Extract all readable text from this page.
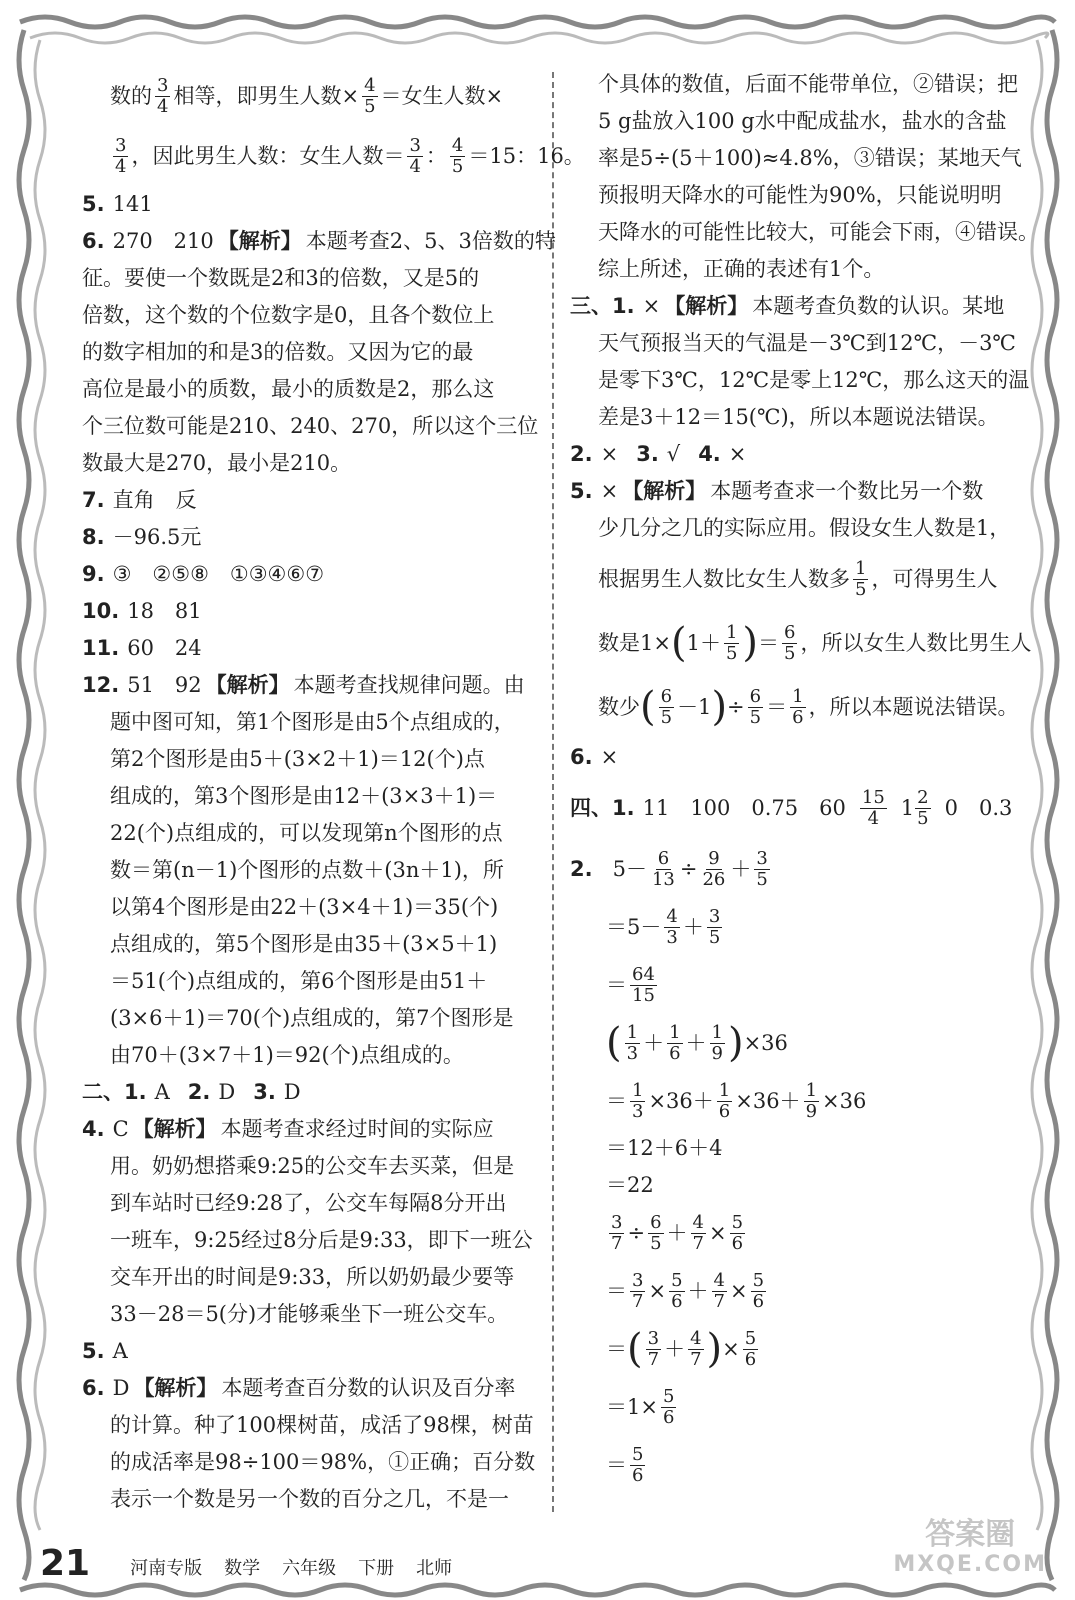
数的 $\frac{3}{4}$ 相等，即男生人数× $\frac{4}{5}$ ＝女生人数×
$\frac{3}{4}$ ，因此男生人数：女生人数＝ $\frac{3}{4}$ ： $\frac{4}{5} =15$：16。
5. 141
6. 270　210 【解析】 本题考查2、5、3倍数的特
征。要使一个数既是2和3的倍数，又是5的
倍数，这个数的个位数字是0，且各个数位上
的数字相加的和是3的倍数。又因为它的最
高位是最小的质数，最小的质数是2，那么这
个三位数可能是210、240、270，所以这个三位
数最大是270，最小是210。
7. 直角　反
8. －96.5元
9. ③　②⑤⑧　①③④⑥⑦
10. 18　81
11. 60　24
12. 51　92 【解析】 本题考查找规律问题。由
题中图可知，第1个图形是由5个点组成的，
第2个图形是由5＋(3×2＋1)＝12(个)点
组成的，第3个图形是由12＋(3×3＋1)＝
22(个)点组成的，可以发现第n个图形的点
数＝第(n－1)个图形的点数＋(3n＋1)，所
以第4个图形是由22＋(3×4＋1)＝35(个)
点组成的，第5个图形是由35＋(3×5＋1)
＝51(个)点组成的，第6个图形是由51＋
(3×6＋1)＝70(个)点组成的，第7个图形是
由70＋(3×7＋1)＝92(个)点组成的。
二、1. A 2. D 3. D
4. C 【解析】 本题考查求经过时间的实际应
用。奶奶想搭乘9:25的公交车去买菜，但是
到车站时已经9:28了，公交车每隔8分开出
一班车，9:25经过8分后是9:33，即下一班公
交车开出的时间是9:33，所以奶奶最少要等
33－28＝5(分)才能够乘坐下一班公交车。
5. A
6. D 【解析】 本题考查百分数的认识及百分率
的计算。种了100棵树苗，成活了98棵，树苗
的成活率是98÷100＝98%，①正确；百分数
表示一个数是另一个数的百分之几，不是一
个具体的数值，后面不能带单位，②错误；把
5 g盐放入100 g水中配成盐水，盐水的含盐
率是5÷(5＋100)≈4.8%，③错误；某地天气
预报明天降水的可能性为90%，只能说明明
天降水的可能性比较大，可能会下雨，④错误。
综上所述，正确的表述有1个。
三、1. × 【解析】 本题考查负数的认识。某地
天气预报当天的气温是－3℃到12℃，－3℃
是零下3℃，12℃是零上12℃，那么这天的温
差是3＋12＝15(℃)，所以本题说法错误。
2. × 3. √ 4. ×
5. × 【解析】 本题考查求一个数比另一个数
少几分之几的实际应用。假设女生人数是1，
根据男生人数比女生人数多 $\frac{1}{5}$ ，可得男生人
数是1× ( $1+ \frac{1}{5}$ ) ＝ $\frac{6}{5}$ ，所以女生人数比男生人
数少 ( $\frac{6}{5} -1$ ) ÷ $\frac{6}{5} = \frac{1}{6}$ ，所以本题说法错误。
6. ×
四、1. 11　100　0.75　$60 \frac{15}{4} 1 \frac{2}{5} 0$　0.3
2. $5- \frac{6}{13} \div \frac{9}{26} + \frac{3}{5}$
$=5- \frac{4}{3} + \frac{3}{5}$
＝ $\frac{64}{15}$
( $\frac{1}{3} + \frac{1}{6} + \frac{1}{9}$ ) ×36
＝ $\frac{1}{3} \times 36+ \frac{1}{6} \times 36+ \frac{1}{9} \times 36$
＝12＋6＋4
＝22
$\frac{3}{7} \div \frac{6}{5} + \frac{4}{7} \times \frac{5}{6}$
＝ $\frac{3}{7} \times \frac{5}{6} + \frac{4}{7} \times \frac{5}{6}$
＝ ( $\frac{3}{7} + \frac{4}{7}$ ) × $\frac{5}{6}$
$=1\times \frac{5}{6}$
＝ $\frac{5}{6}$
21 河南专版 数学 六年级 下册 北师
答案圈
MXQE.COM
